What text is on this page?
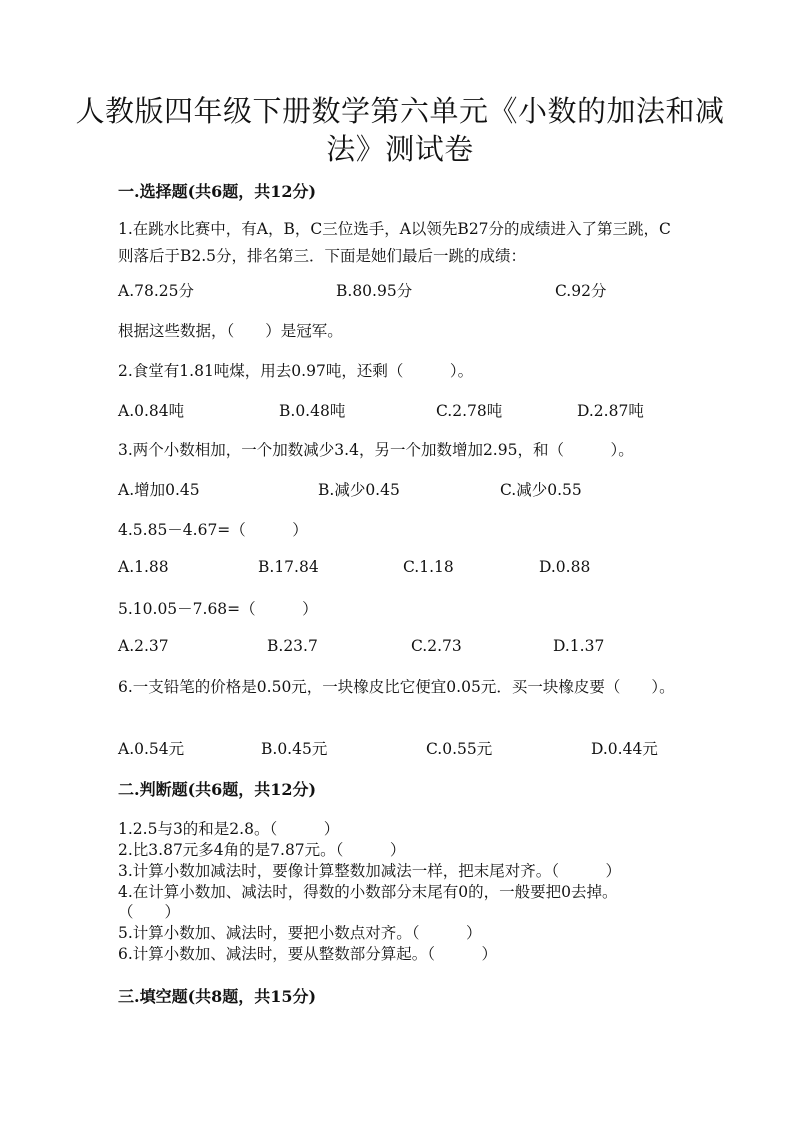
人教版四年级下册数学第六单元《小数的加法和减
法》测试卷
一.选择题(共6题，共12分)
1.在跳水比赛中，有A，B，C三位选手，A以领先B27分的成绩进入了第三跳，C则落后于B2.5分，排名第三．下面是她们最后一跳的成绩：
A.78.25分	B.80.95分	C.92分
根据这些数据，（　　）是冠军。
2.食堂有1.81吨煤，用去0.97吨，还剩（　　　）。
A.0.84吨	B.0.48吨	C.2.78吨	D.2.87吨
3.两个小数相加，一个加数减少3.4，另一个加数增加2.95，和（　　　）。
A.增加0.45	B.减少0.45	C.减少0.55
4.5.85－4.67=（　　　）
A.1.88	B.17.84	C.1.18	D.0.88
5.10.05－7.68=（　　　）
A.2.37	B.23.7	C.2.73	D.1.37
6.一支铅笔的价格是0.50元，一块橡皮比它便宜0.05元．买一块橡皮要（　　）。
A.0.54元	B.0.45元	C.0.55元	D.0.44元
二.判断题(共6题，共12分)
1.2.5与3的和是2.8。（　　　）
2.比3.87元多4角的是7.87元。（　　　）
3.计算小数加减法时，要像计算整数加减法一样，把末尾对齐。（　　　）
4.在计算小数加、减法时，得数的小数部分末尾有0的，一般要把0去掉。
（　　）
5.计算小数加、减法时，要把小数点对齐。（　　　）
6.计算小数加、减法时，要从整数部分算起。（　　　）
三.填空题(共8题，共15分)
